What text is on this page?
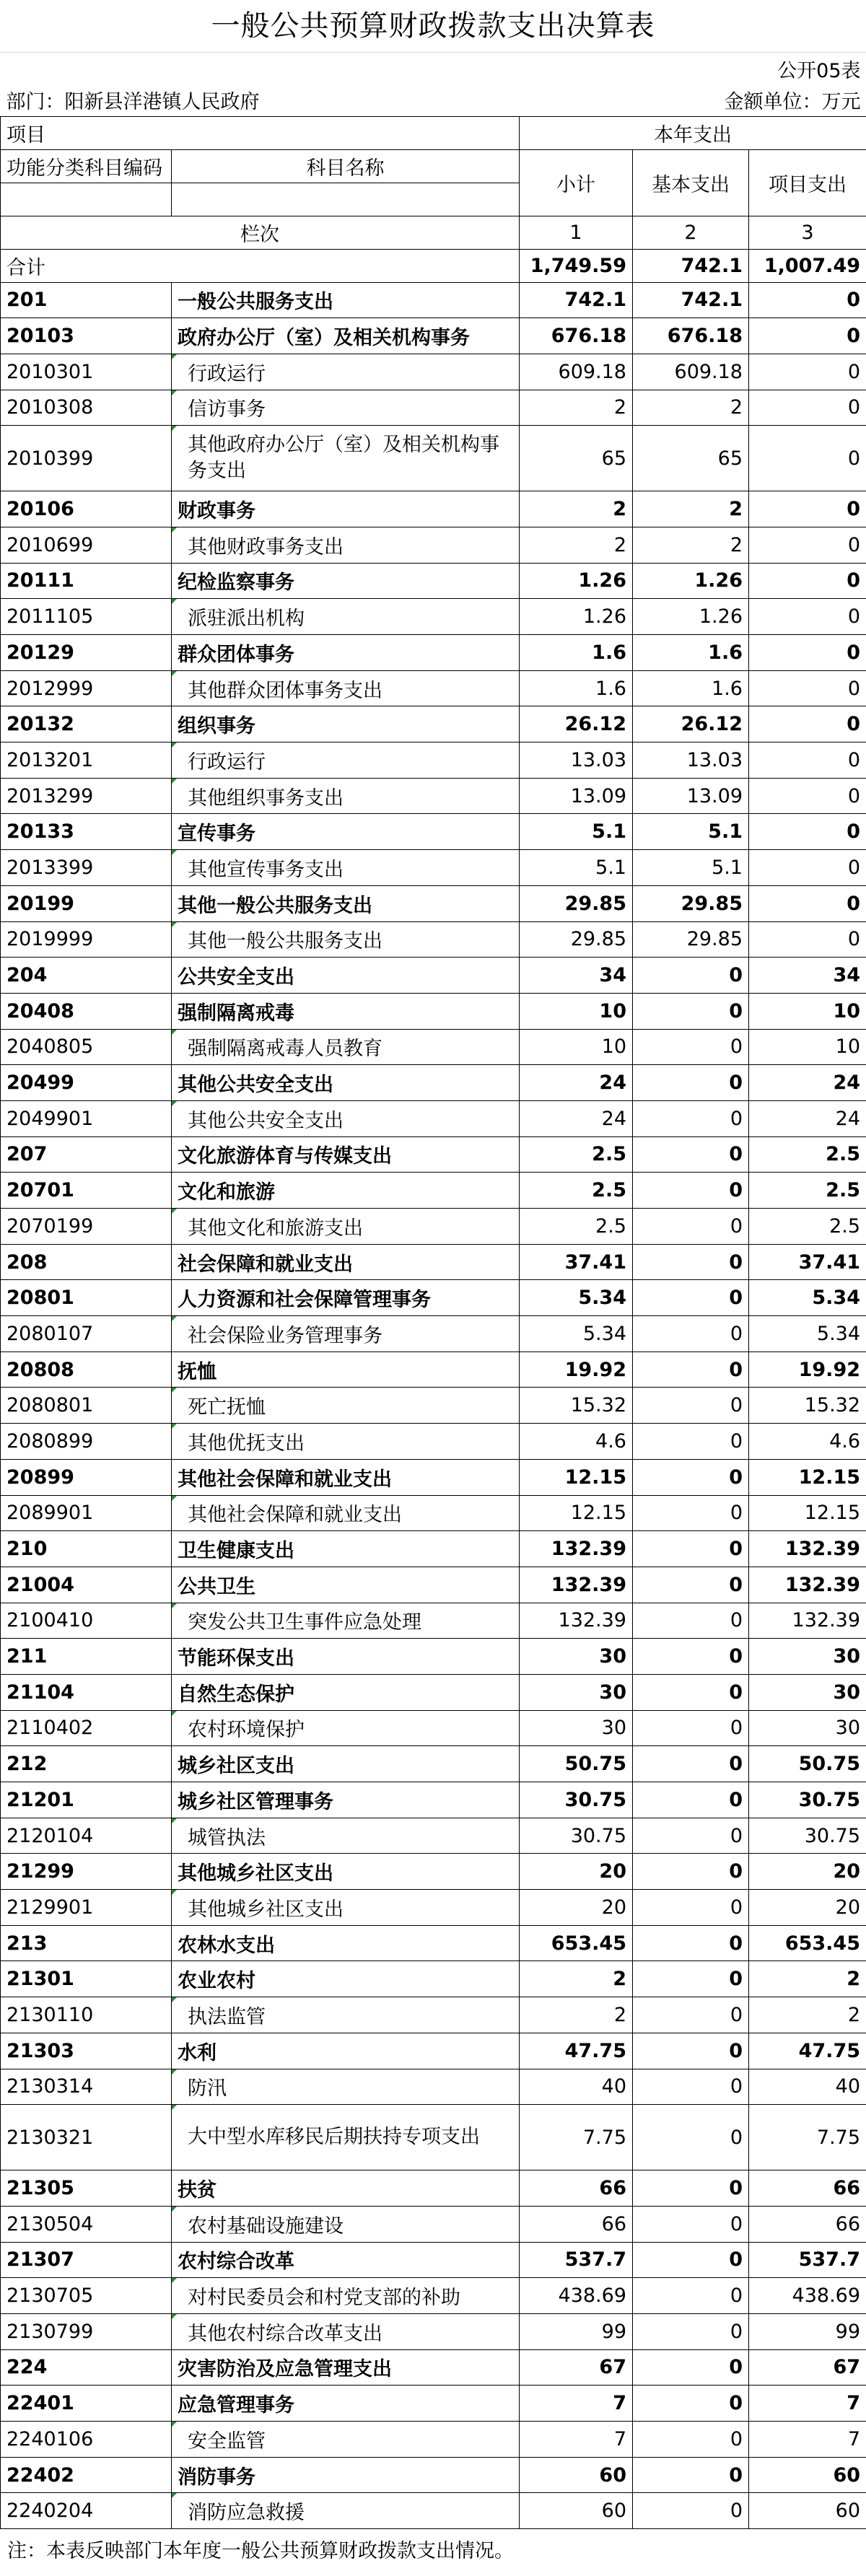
一般公共预算财政拨款支出决算表
		公开05表		
部门：阳新县洋港镇人民政府		金额单位：万元		
项目		本年支出		
功能分类科目编码	科目名称	小计	基本支出	项目支出

栏次		1	2	3
合计		1,749.59	742.1	1,007.49
201	一般公共服务支出	742.1	742.1	0
20103	政府办公厅（室）及相关机构事务	676.18	676.18	0
2010301	行政运行	609.18	609.18	0
2010308	信访事务	2	2	0
2010399	其他政府办公厅（室）及相关机构事务支出	65	65	0
20106	财政事务	2	2	0
2010699	其他财政事务支出	2	2	0
20111	纪检监察事务	1.26	1.26	0
2011105	派驻派出机构	1.26	1.26	0
20129	群众团体事务	1.6	1.6	0
2012999	其他群众团体事务支出	1.6	1.6	0
20132	组织事务	26.12	26.12	0
2013201	行政运行	13.03	13.03	0
2013299	其他组织事务支出	13.09	13.09	0
20133	宣传事务	5.1	5.1	0
2013399	其他宣传事务支出	5.1	5.1	0
20199	其他一般公共服务支出	29.85	29.85	0
2019999	其他一般公共服务支出	29.85	29.85	0
204	公共安全支出	34	0	34
20408	强制隔离戒毒	10	0	10
2040805	强制隔离戒毒人员教育	10	0	10
20499	其他公共安全支出	24	0	24
2049901	其他公共安全支出	24	0	24
207	文化旅游体育与传媒支出	2.5	0	2.5
20701	文化和旅游	2.5	0	2.5
2070199	其他文化和旅游支出	2.5	0	2.5
208	社会保障和就业支出	37.41	0	37.41
20801	人力资源和社会保障管理事务	5.34	0	5.34
2080107	社会保险业务管理事务	5.34	0	5.34
20808	抚恤	19.92	0	19.92
2080801	死亡抚恤	15.32	0	15.32
2080899	其他优抚支出	4.6	0	4.6
20899	其他社会保障和就业支出	12.15	0	12.15
2089901	其他社会保障和就业支出	12.15	0	12.15
210	卫生健康支出	132.39	0	132.39
21004	公共卫生	132.39	0	132.39
2100410	突发公共卫生事件应急处理	132.39	0	132.39
211	节能环保支出	30	0	30
21104	自然生态保护	30	0	30
2110402	农村环境保护	30	0	30
212	城乡社区支出	50.75	0	50.75
21201	城乡社区管理事务	30.75	0	30.75
2120104	城管执法	30.75	0	30.75
21299	其他城乡社区支出	20	0	20
2129901	其他城乡社区支出	20	0	20
213	农林水支出	653.45	0	653.45
21301	农业农村	2	0	2
2130110	执法监管	2	0	2
21303	水利	47.75	0	47.75
2130314	防汛	40	0	40
2130321	大中型水库移民后期扶持专项支出	7.75	0	7.75
21305	扶贫	66	0	66
2130504	农村基础设施建设	66	0	66
21307	农村综合改革	537.7	0	537.7
2130705	对村民委员会和村党支部的补助	438.69	0	438.69
2130799	其他农村综合改革支出	99	0	99
224	灾害防治及应急管理支出	67	0	67
22401	应急管理事务	7	0	7
2240106	安全监管	7	0	7
22402	消防事务	60	0	60
2240204	消防应急救援	60	0	60
注：本表反映部门本年度一般公共预算财政拨款支出情况。
